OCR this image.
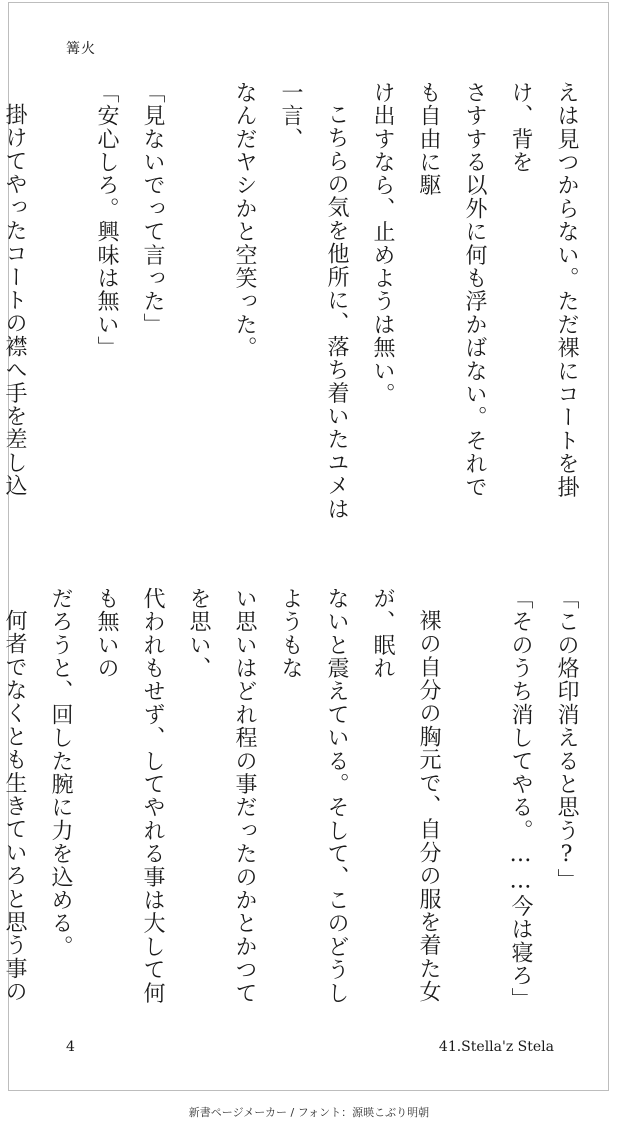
篝火

えは見つからない。ただ裸にコートを掛け、背を

さすする以外に何も浮かばない。それでも自由に駆

け出すなら、止めようは無い。

こちらの気を他所に、落ち着いたユメは一言、

なんだヤシかと空笑った。

「見ないでって言った」

「安心しろ。興味は無い」

掛けてやったコートの襟へ手を差し込

「この烙印消えると思う?」

「そのうち消してやる。……今は寝ろ」

裸の自分の胸元で、自分の服を着た女が、眠れ

ないと震えている。そして、このどうしようもな

い思いはどれ程の事だったのかとかつてを思い、

代われもせず、してやれる事は大して何も無いの

だろうと、回した腕に力を込める。

何者でなくとも生きていろと思う事の

4	41.Stella'z Stela
新書ページメーカー / フォント：源暎こぶり明朝
